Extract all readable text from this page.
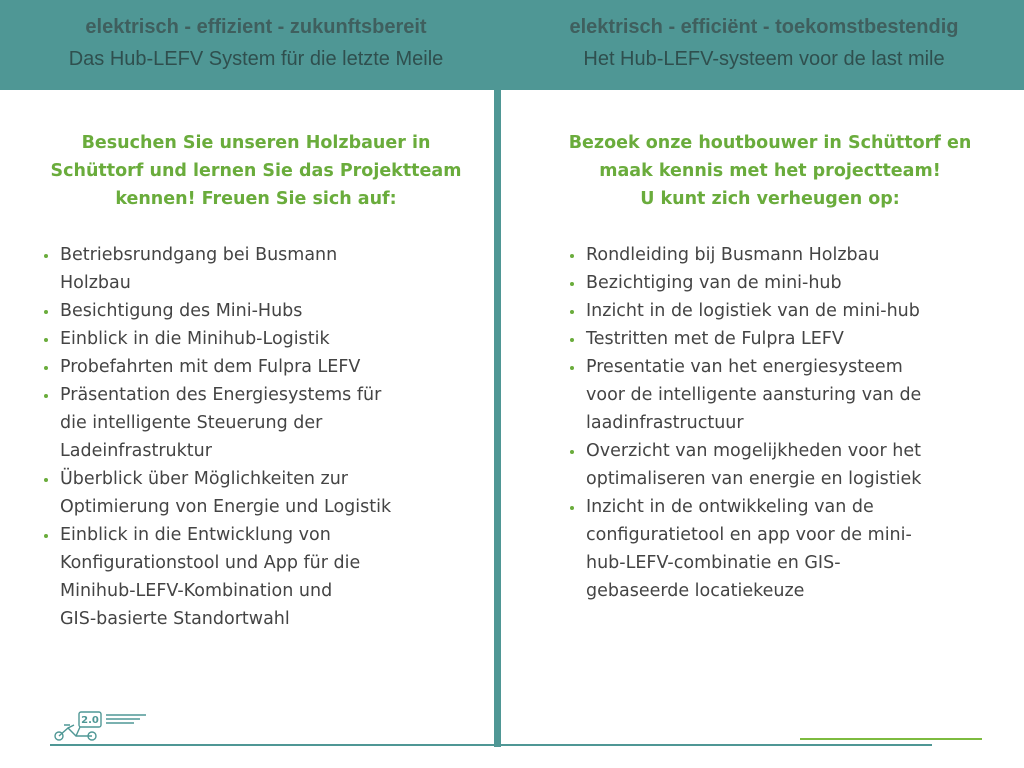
elektrisch - effizient - zukunftsbereit
Das Hub-LEFV System für die letzte Meile
elektrisch - efficiënt - toekomstbestendig
Het Hub-LEFV-systeem voor de last mile
Besuchen Sie unseren Holzbauer in
Schüttorf und lernen Sie das Projektteam
kennen! Freuen Sie sich auf:
Bezoek onze houtbouwer in Schüttorf en
maak kennis met het projectteam!
U kunt zich verheugen op:
Betriebsrundgang bei Busmann
Holzbau
Besichtigung des Mini-Hubs
Einblick in die Minihub-Logistik
Probefahrten mit dem Fulpra LEFV
Präsentation des Energiesystems für
die intelligente Steuerung der
Ladeinfrastruktur
Überblick über Möglichkeiten zur
Optimierung von Energie und Logistik
Einblick in die Entwicklung von
Konfigurationstool und App für die
Minihub-LEFV-Kombination und
GIS-basierte Standortwahl
Rondleiding bij Busmann Holzbau
Bezichtiging van de mini-hub
Inzicht in de logistiek van de mini-hub
Testritten met de Fulpra LEFV
Presentatie van het energiesysteem
voor de intelligente aansturing van de
laadinfrastructuur
Overzicht van mogelijkheden voor het
optimaliseren van energie en logistiek
Inzicht in de ontwikkeling van de
configuratietool en app voor de mini-
hub-LEFV-combinatie en GIS-
gebaseerde locatiekeuze
2.0
